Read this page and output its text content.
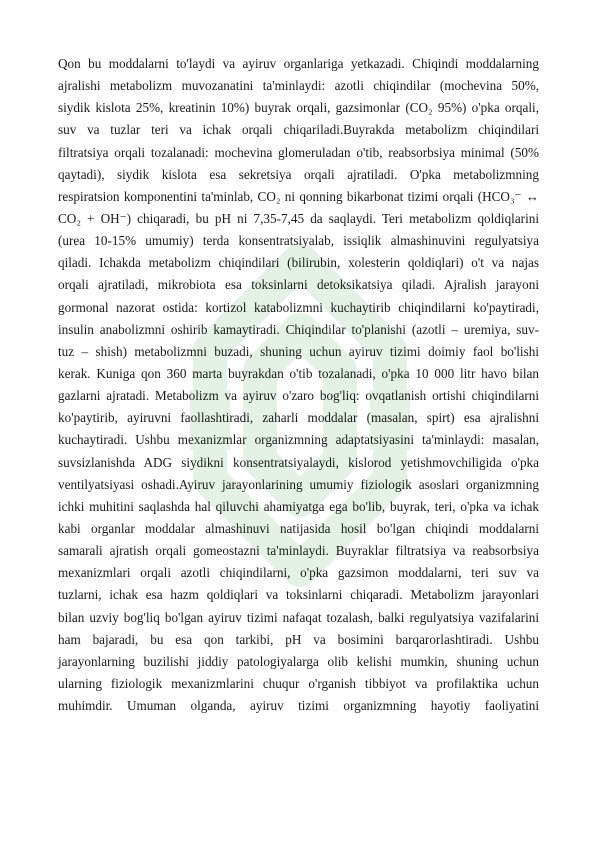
Qon bu moddalarni to'laydi va ayiruv organlariga yetkazadi. Chiqindi moddalarning
ajralishi metabolizm muvozanatini ta'minlaydi: azotli chiqindilar (mochevina 50%,
siydik kislota 25%, kreatinin 10%) buyrak orqali, gazsimonlar (CO₂ 95%) o'pka orqali,
suv va tuzlar teri va ichak orqali chiqariladi.Buyrakda metabolizm chiqindilari
filtratsiya orqali tozalanadi: mochevina glomeruladan o'tib, reabsorbsiya minimal (50%
qaytadi), siydik kislota esa sekretsiya orqali ajratiladi. O'pka metabolizmning
respiratsion komponentini ta'minlab, CO₂ ni qonning bikarbonat tizimi orqali (HCO₃⁻ ↔
CO₂ + OH⁻) chiqaradi, bu pH ni 7,35-7,45 da saqlaydi. Teri metabolizm qoldiqlarini
(urea 10-15% umumiy) terda konsentratsiyalab, issiqlik almashinuvini regulyatsiya
qiladi. Ichakda metabolizm chiqindilari (bilirubin, xolesterin qoldiqlari) o't va najas
orqali ajratiladi, mikrobiota esa toksinlarni detoksikatsiya qiladi. Ajralish jarayoni
gormonal nazorat ostida: kortizol katabolizmni kuchaytirib chiqindilarni ko'paytiradi,
insulin anabolizmni oshirib kamaytiradi. Chiqindilar to'planishi (azotli – uremiya, suv-
tuz – shish) metabolizmni buzadi, shuning uchun ayiruv tizimi doimiy faol bo'lishi
kerak. Kuniga qon 360 marta buyrakdan o'tib tozalanadi, o'pka 10 000 litr havo bilan
gazlarni ajratadi. Metabolizm va ayiruv o'zaro bog'liq: ovqatlanish ortishi chiqindilarni
ko'paytirib, ayiruvni faollashtiradi, zaharli moddalar (masalan, spirt) esa ajralishni
kuchaytiradi. Ushbu mexanizmlar organizmning adaptatsiyasini ta'minlaydi: masalan,
suvsizlanishda ADG siydikni konsentratsiyalaydi, kislorod yetishmovchiligida o'pka
ventilyatsiyasi oshadi.Ayiruv jarayonlarining umumiy fiziologik asoslari organizmning
ichki muhitini saqlashda hal qiluvchi ahamiyatga ega bo'lib, buyrak, teri, o'pka va ichak
kabi organlar moddalar almashinuvi natijasida hosil bo'lgan chiqindi moddalarni
samarali ajratish orqali gomeostazni ta'minlaydi. Buyraklar filtratsiya va reabsorbsiya
mexanizmlari orqali azotli chiqindilarni, o'pka gazsimon moddalarni, teri suv va
tuzlarni, ichak esa hazm qoldiqlari va toksinlarni chiqaradi. Metabolizm jarayonlari
bilan uzviy bog'liq bo'lgan ayiruv tizimi nafaqat tozalash, balki regulyatsiya vazifalarini
ham bajaradi, bu esa qon tarkibi, pH va bosimini barqarorlashtiradi. Ushbu
jarayonlarning buzilishi jiddiy patologiyalarga olib kelishi mumkin, shuning uchun
ularning fiziologik mexanizmlarini chuqur o'rganish tibbiyot va profilaktika uchun
muhimdir. Umuman olganda, ayiruv tizimi organizmning hayotiy faoliyatini
